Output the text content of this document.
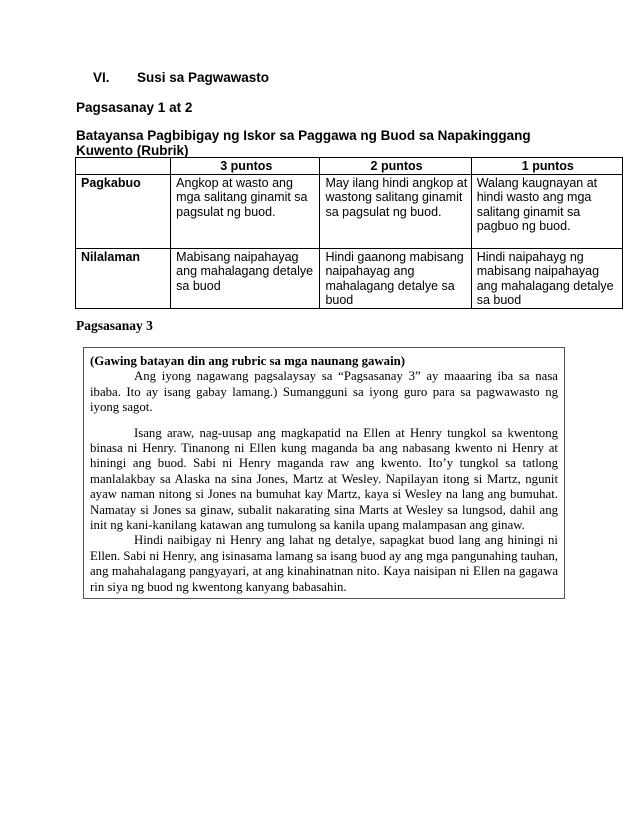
VI. Susi sa Pagwawasto
Pagsasanay 1 at 2
Batayansa Pagbibigay ng Iskor sa Paggawa ng Buod sa Napakinggang Kuwento (Rubrik)
	3 puntos	2 puntos	1 puntos
Pagkabuo	Angkop at wasto ang mga salitang ginamit sa pagsulat ng buod.	May ilang hindi angkop at wastong salitang ginamit sa pagsulat ng buod.	Walang kaugnayan at hindi wasto ang mga salitang ginamit sa pagbuo ng buod.
Nilalaman	Mabisang naipahayag ang mahalagang detalye sa buod	Hindi gaanong mabisang naipahayag ang mahalagang detalye sa buod	Hindi naipahayg ng mabisang naipahayag ang mahalagang detalye sa buod
Pagsasanay 3

(Gawing batayan din ang rubric sa mga naunang gawain)

Ang iyong nagawang pagsalaysay sa “Pagsasanay 3” ay maaaring iba sa nasa ibaba. Ito ay isang gabay lamang.) Sumangguni sa iyong guro para sa pagwawasto ng iyong sagot.

Isang araw, nag-uusap ang magkapatid na Ellen at Henry tungkol sa kwentong binasa ni Henry. Tinanong ni Ellen kung maganda ba ang nabasang kwento ni Henry at hiningi ang buod. Sabi ni Henry maganda raw ang kwento. Ito’y tungkol sa tatlong manlalakbay sa Alaska na sina Jones, Martz at Wesley. Napilayan itong si Martz, ngunit ayaw naman nitong si Jones na bumuhat kay Martz, kaya si Wesley na lang ang bumuhat. Namatay si Jones sa ginaw, subalit nakarating sina Marts at Wesley sa lungsod, dahil ang init ng kani-kanilang katawan ang tumulong sa kanila upang malampasan ang ginaw.

Hindi naibigay ni Henry ang lahat ng detalye, sapagkat buod lang ang hiningi ni Ellen. Sabi ni Henry, ang isinasama lamang sa isang buod ay ang mga pangunahing tauhan, ang mahahalagang pangyayari, at ang kinahinatnan nito. Kaya naisipan ni Ellen na gagawa rin siya ng buod ng kwentong kanyang babasahin.
